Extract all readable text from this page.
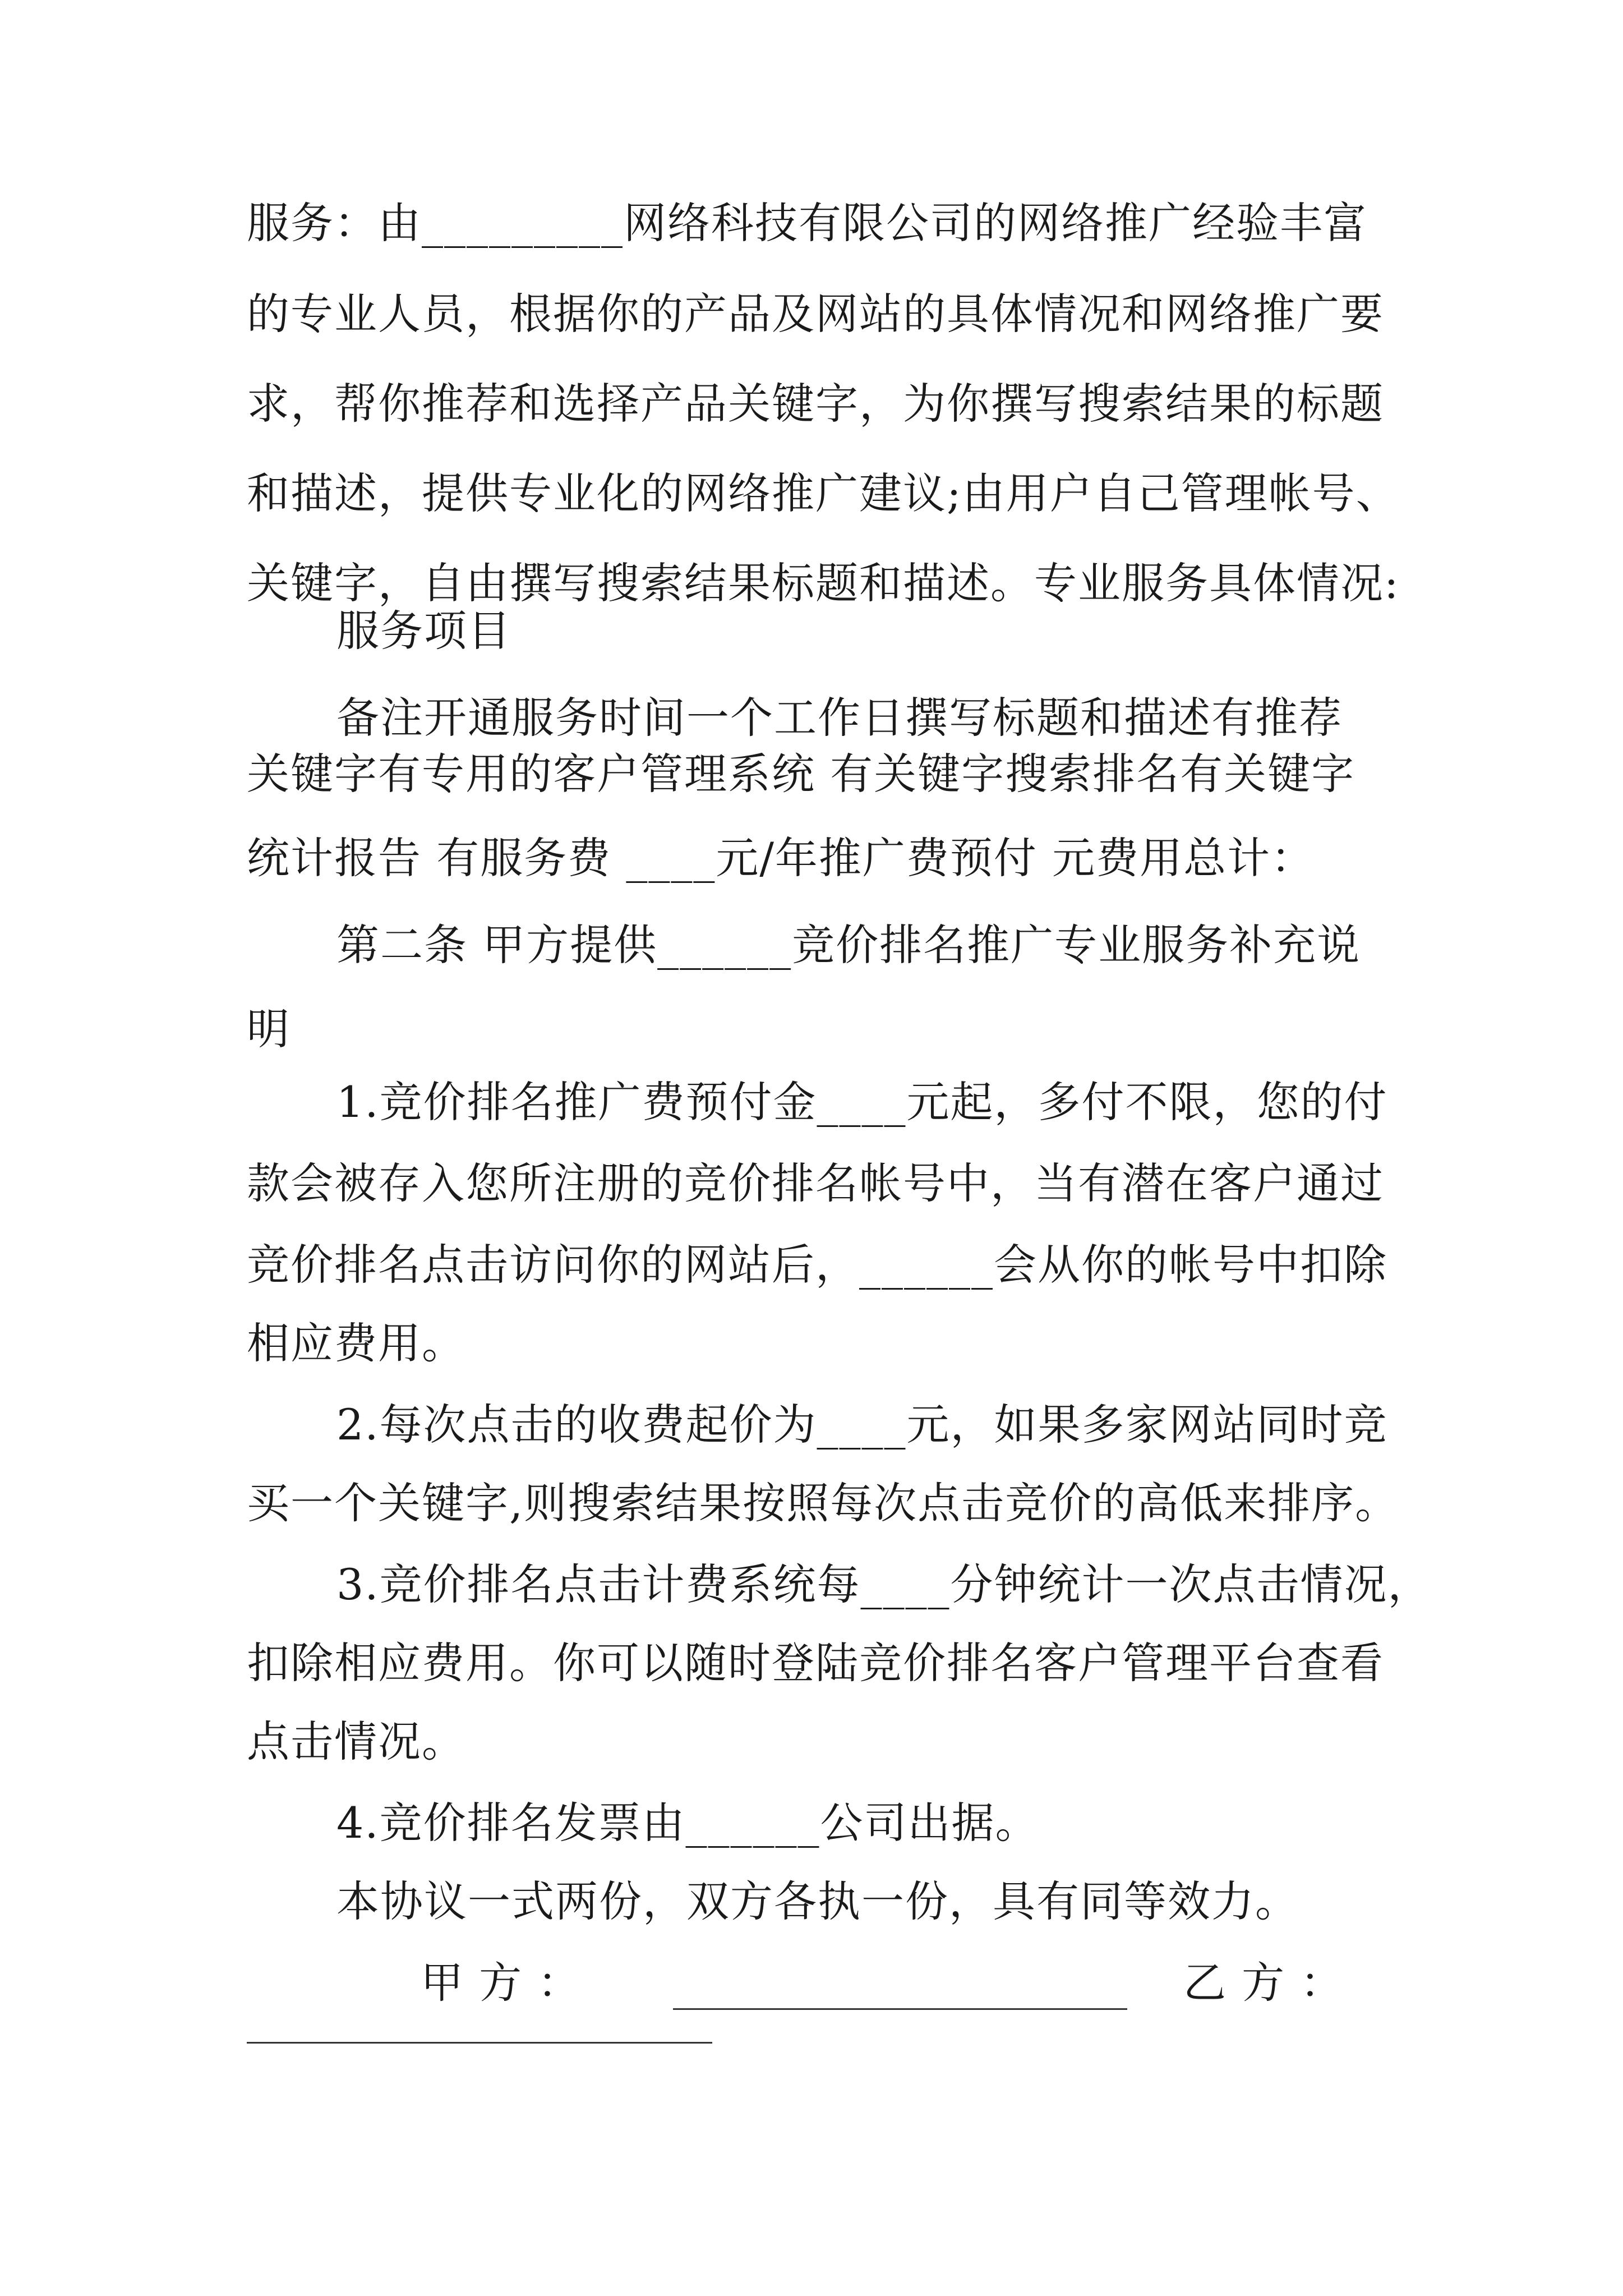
服务：由_________网络科技有限公司的网络推广经验丰富
的专业人员，根据你的产品及网站的具体情况和网络推广要
求，帮你推荐和选择产品关键字，为你撰写搜索结果的标题
和描述，提供专业化的网络推广建议;由用户自己管理帐号、
关键字，自由撰写搜索结果标题和描述。专业服务具体情况:
服务项目
备注开通服务时间一个工作日撰写标题和描述有推荐
关键字有专用的客户管理系统 有关键字搜索排名有关键字
统计报告 有服务费 ____元/年推广费预付 元费用总计：
第二条 甲方提供______竞价排名推广专业服务补充说
明
1.竞价排名推广费预付金____元起，多付不限，您的付
款会被存入您所注册的竞价排名帐号中，当有潜在客户通过
竞价排名点击访问你的网站后，______会从你的帐号中扣除
相应费用。
2.每次点击的收费起价为____元，如果多家网站同时竞
买一个关键字,则搜索结果按照每次点击竞价的高低来排序。
3.竞价排名点击计费系统每____分钟统计一次点击情况，
扣除相应费用。你可以随时登陆竞价排名客户管理平台查看
点击情况。
4.竞价排名发票由______公司出据。
本协议一式两份，双方各执一份，具有同等效力。
甲 方 ：	乙 方 ：
